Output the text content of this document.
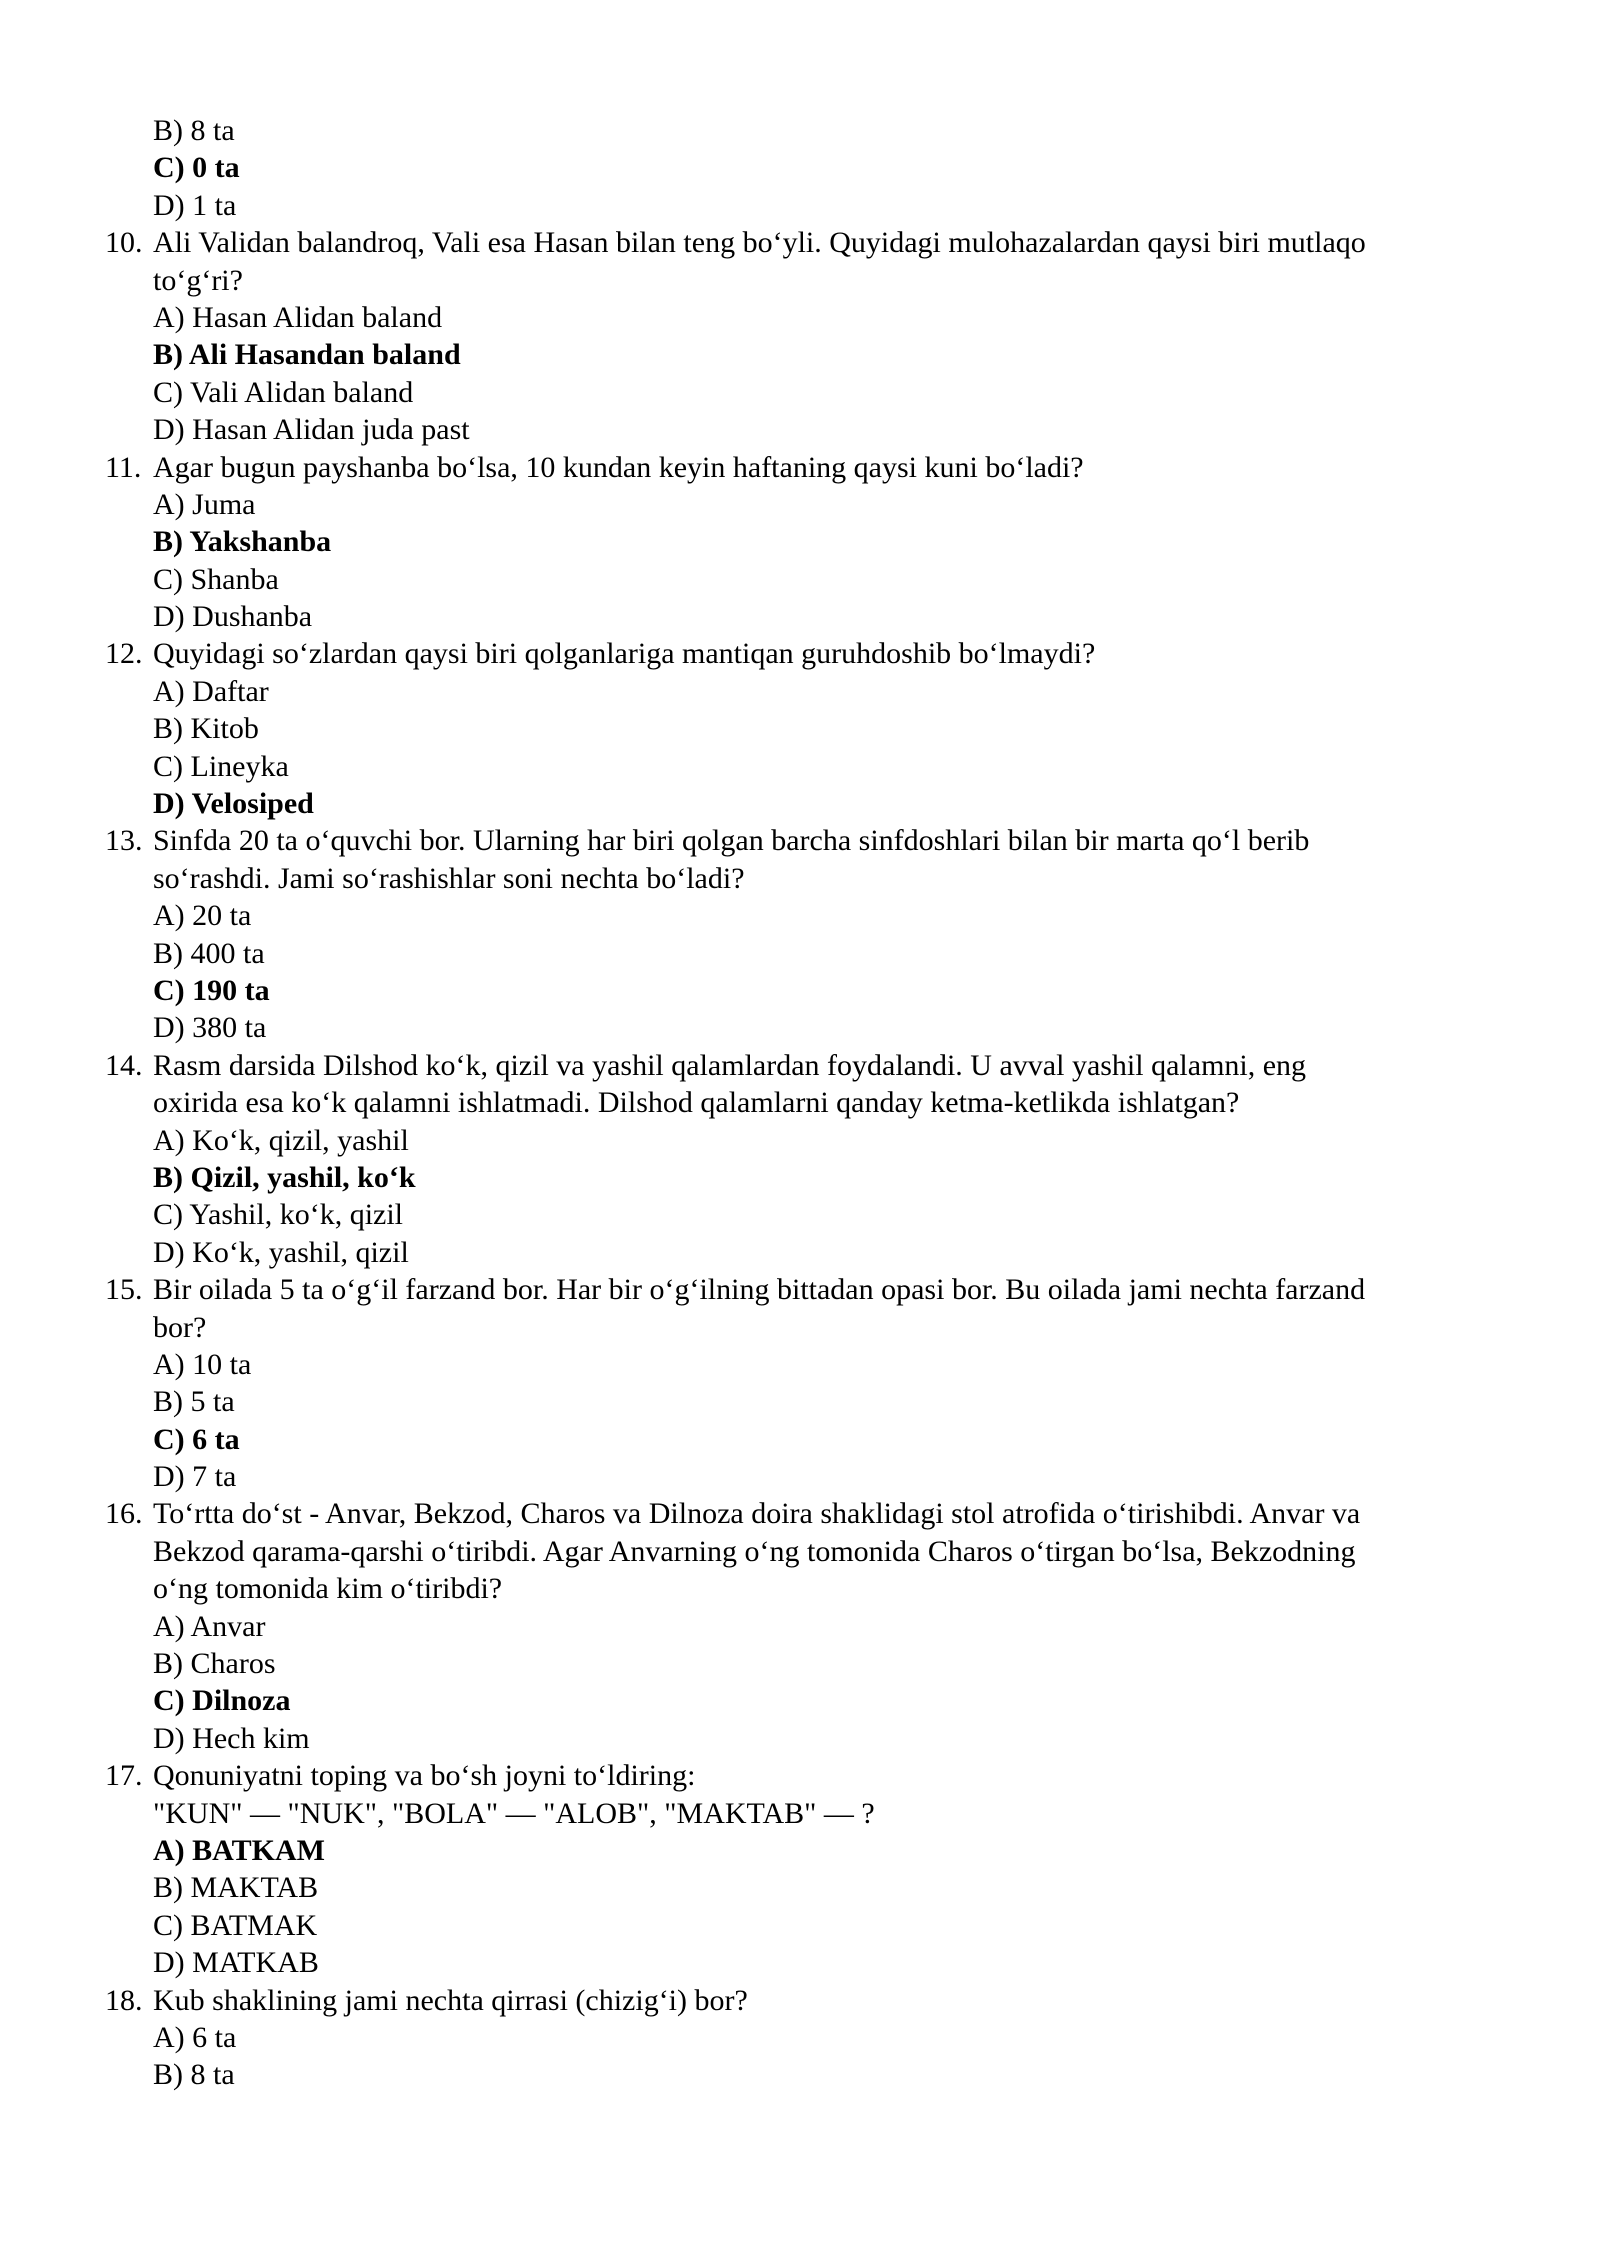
B) 8 ta
C) 0 ta
D) 1 ta
10. Ali Validan balandroq, Vali esa Hasan bilan teng bo‘yli. Quyidagi mulohazalardan qaysi biri mutlaqo
to‘g‘ri?
A) Hasan Alidan baland
B) Ali Hasandan baland
C) Vali Alidan baland
D) Hasan Alidan juda past
11. Agar bugun payshanba bo‘lsa, 10 kundan keyin haftaning qaysi kuni bo‘ladi?
A) Juma
B) Yakshanba
C) Shanba
D) Dushanba
12. Quyidagi so‘zlardan qaysi biri qolganlariga mantiqan guruhdoshib bo‘lmaydi?
A) Daftar
B) Kitob
C) Lineyka
D) Velosiped
13. Sinfda 20 ta o‘quvchi bor. Ularning har biri qolgan barcha sinfdoshlari bilan bir marta qo‘l berib
so‘rashdi. Jami so‘rashishlar soni nechta bo‘ladi?
A) 20 ta
B) 400 ta
C) 190 ta
D) 380 ta
14. Rasm darsida Dilshod ko‘k, qizil va yashil qalamlardan foydalandi. U avval yashil qalamni, eng
oxirida esa ko‘k qalamni ishlatmadi. Dilshod qalamlarni qanday ketma-ketlikda ishlatgan?
A) Ko‘k, qizil, yashil
B) Qizil, yashil, ko‘k
C) Yashil, ko‘k, qizil
D) Ko‘k, yashil, qizil
15. Bir oilada 5 ta o‘g‘il farzand bor. Har bir o‘g‘ilning bittadan opasi bor. Bu oilada jami nechta farzand
bor?
A) 10 ta
B) 5 ta
C) 6 ta
D) 7 ta
16. To‘rtta do‘st - Anvar, Bekzod, Charos va Dilnoza doira shaklidagi stol atrofida o‘tirishibdi. Anvar va
Bekzod qarama-qarshi o‘tiribdi. Agar Anvarning o‘ng tomonida Charos o‘tirgan bo‘lsa, Bekzodning
o‘ng tomonida kim o‘tiribdi?
A) Anvar
B) Charos
C) Dilnoza
D) Hech kim
17. Qonuniyatni toping va bo‘sh joyni to‘ldiring:
"KUN" — "NUK", "BOLA" — "ALOB", "MAKTAB" — ?
A) BATKAM
B) MAKTAB
C) BATMAK
D) MATKAB
18. Kub shaklining jami nechta qirrasi (chizig‘i) bor?
A) 6 ta
B) 8 ta
